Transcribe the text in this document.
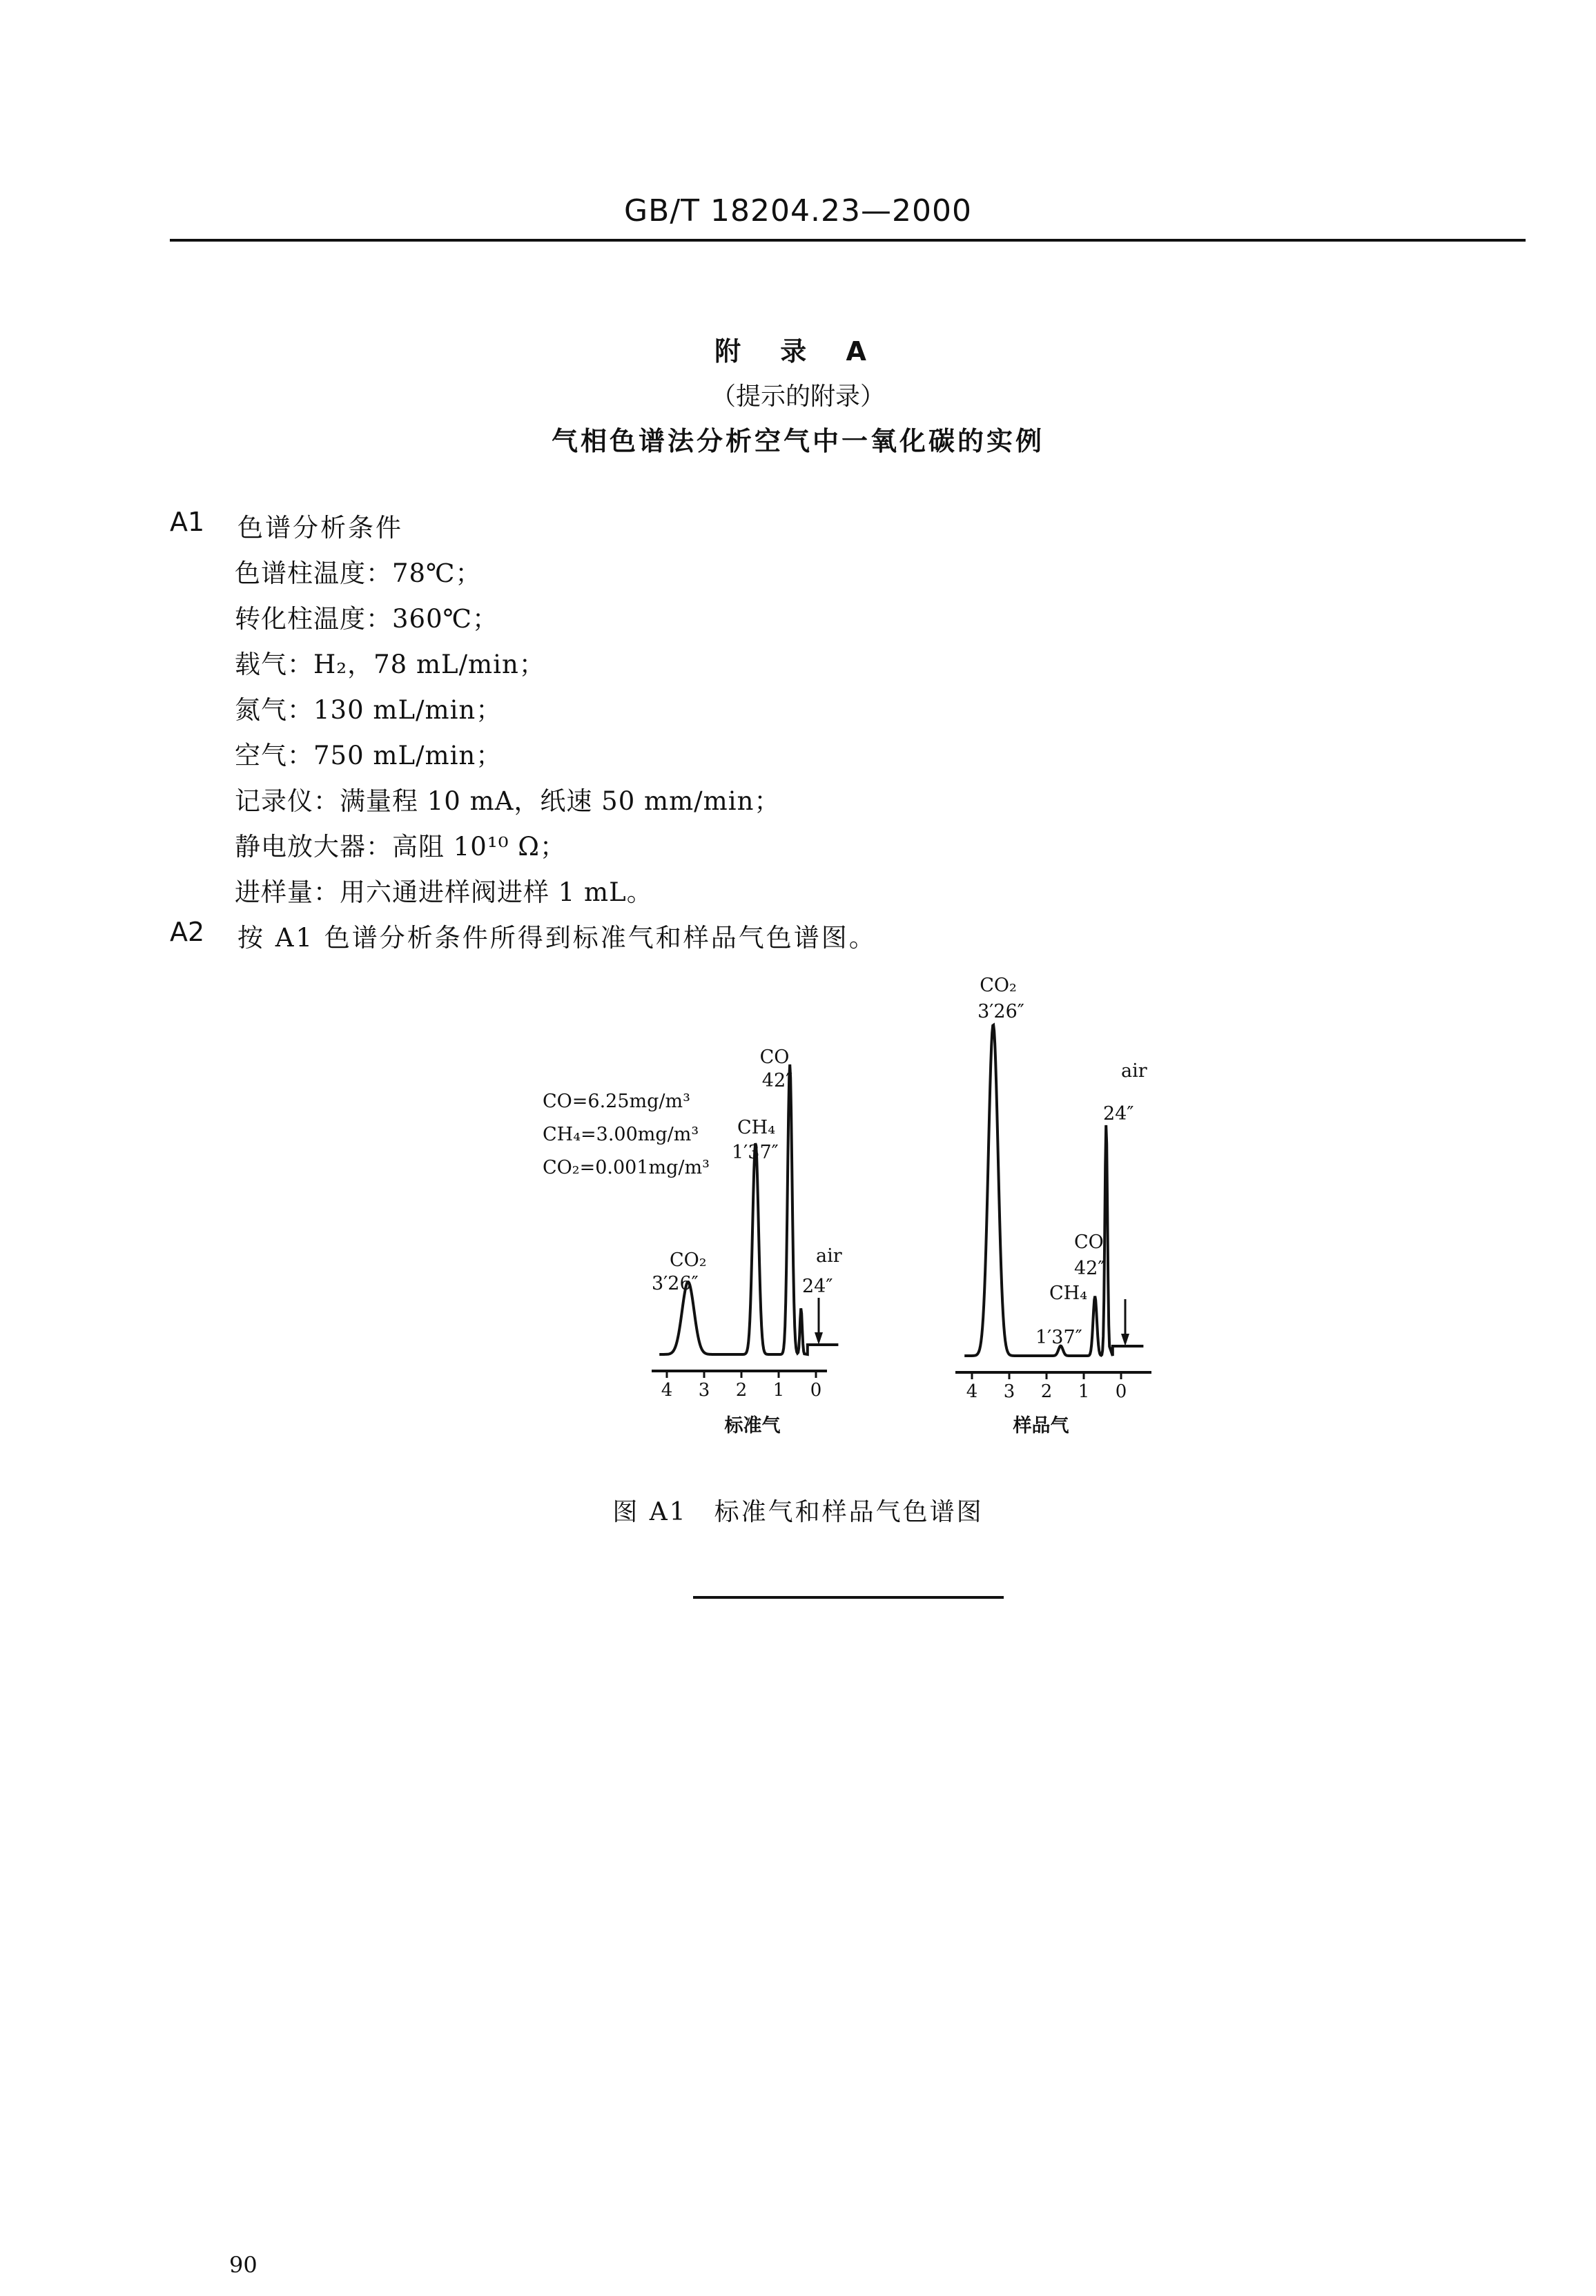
GB/T 18204.23—2000
附 录 A
（提示的附录）
气相色谱法分析空气中一氧化碳的实例
A1 色谱分析条件
色谱柱温度：78℃；
转化柱温度：360℃；
载气：H₂，78 mL/min；
氮气：130 mL/min；
空气：750 mL/min；
记录仪：满量程 10 mA，纸速 50 mm/min；
静电放大器：高阻 10¹⁰ Ω；
进样量：用六通进样阀进样 1 mL。
A2 按 A1 色谱分析条件所得到标准气和样品气色谱图。
CO=6.25mg/m³
CH₄=3.00mg/m³
CO₂=0.001mg/m³
CO
42″
CH₄
1′37″
CO₂
3′26″
air
24″
4 3 2 1 0
标准气
CO₂
3′26″
air
24″
CO
42″
CH₄
1′37″
4 3 2 1 0
样品气
图 A1　标准气和样品气色谱图
90
